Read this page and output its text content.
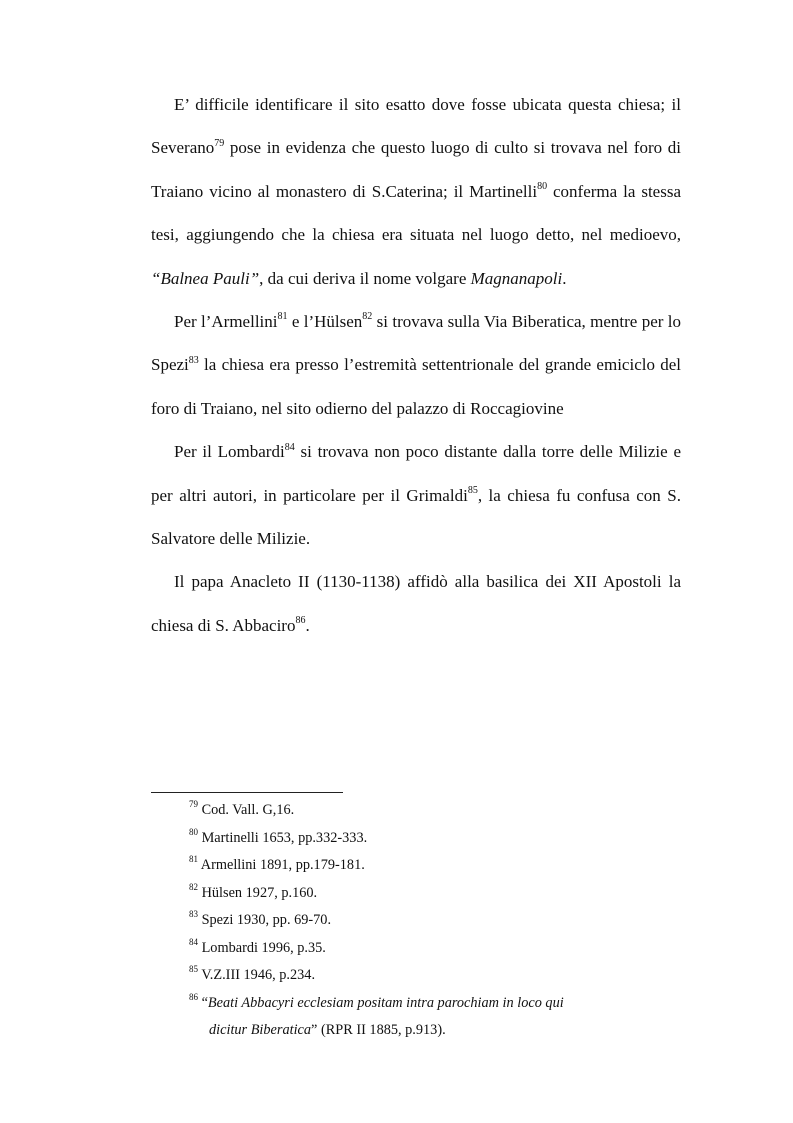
E’ difficile identificare il sito esatto dove fosse ubicata questa chiesa; il Severano$^{79}$ pose in evidenza che questo luogo di culto si trovava nel foro di Traiano vicino al monastero di S.Caterina; il Martinelli$^{80}$ conferma la stessa tesi, aggiungendo che la chiesa era situata nel luogo detto, nel medioevo, “Balnea Pauli”, da cui deriva il nome volgare Magnanapoli.

Per l’Armellini$^{81}$ e l’Hülsen$^{82}$ si trovava sulla Via Biberatica, mentre per lo Spezi$^{83}$ la chiesa era presso l’estremità settentrionale del grande emiciclo del foro di Traiano, nel sito odierno del palazzo di Roccagiovine

Per il Lombardi$^{84}$ si trovava non poco distante dalla torre delle Milizie e per altri autori, in particolare per il Grimaldi$^{85}$, la chiesa fu confusa con S. Salvatore delle Milizie.

Il papa Anacleto II (1130-1138) affidò alla basilica dei XII Apostoli la chiesa di S. Abbaciro$^{86}$.

$^{79}$ Cod. Vall. G,16.

$^{80}$ Martinelli 1653, pp.332-333.

$^{81}$ Armellini 1891, pp.179-181.

$^{82}$ Hülsen 1927, p.160.

$^{83}$ Spezi 1930, pp. 69-70.

$^{84}$ Lombardi 1996, p.35.

$^{85}$ V.Z.III 1946, p.234.

$^{86}$ “Beati Abbacyri ecclesiam positam intra parochiam in loco qui
dicitur Biberatica” (RPR II 1885, p.913).
